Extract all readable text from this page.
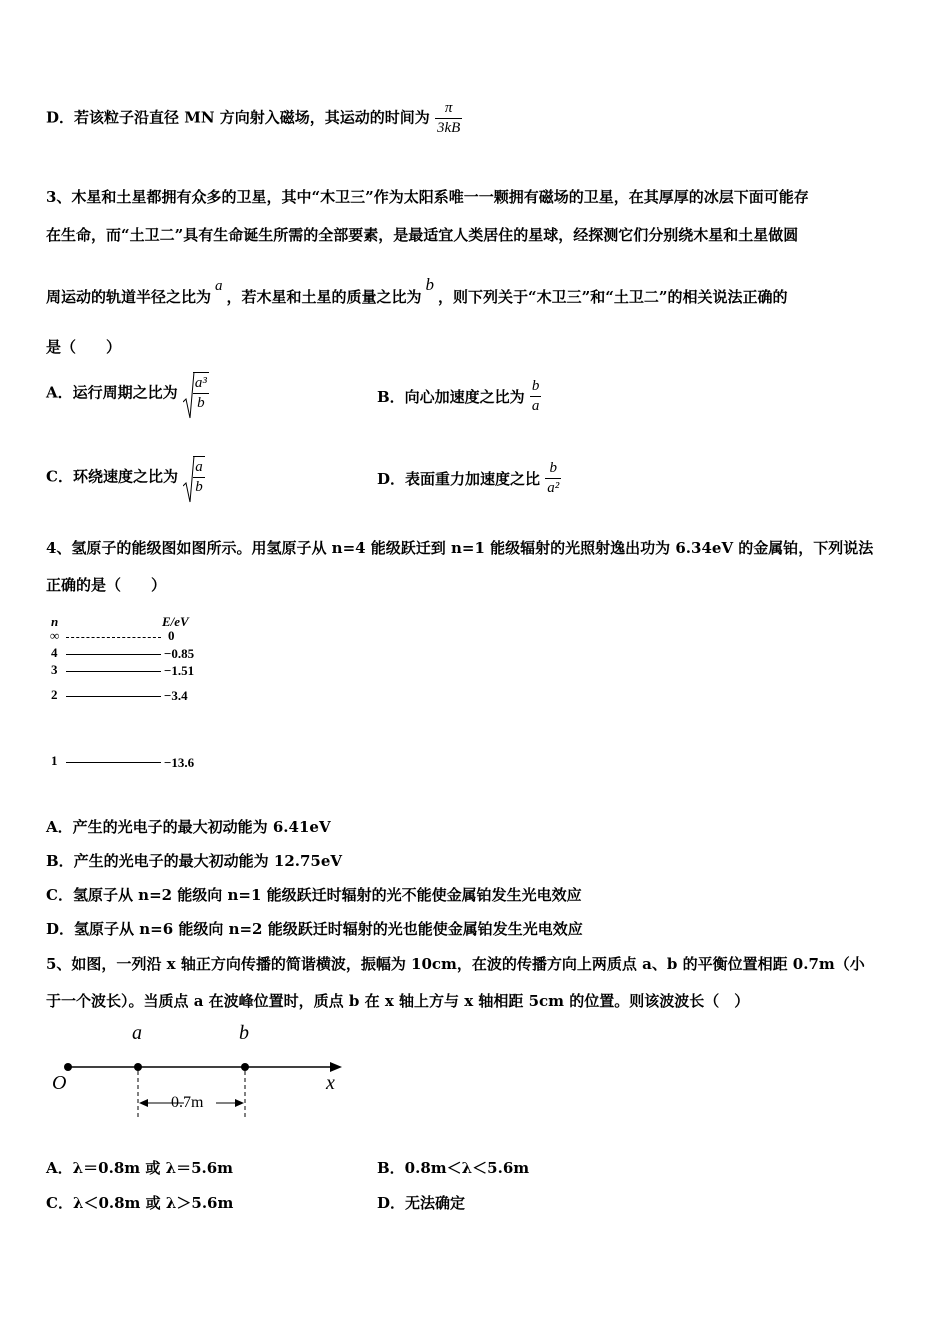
D．若该粒子沿直径 MN 方向射入磁场，其运动的时间为 $\frac{\pi}{3kB}$
3、木星和土星都拥有众多的卫星，其中“木卫三”作为太阳系唯一一颗拥有磁场的卫星，在其厚厚的冰层下面可能存
在生命，而“土卫二”具有生命诞生所需的全部要素，是最适宜人类居住的星球，经探测它们分别绕木星和土星做圆
周运动的轨道半径之比为a，若木星和土星的质量之比为b，则下列关于“木卫三”和“土卫二”的相关说法正确的
是（　　）
A．运行周期之比为 $\frac{\text{a³}}{b}$	B．向心加速度之比为 $\frac{b}{a}$
C．环绕速度之比为 $\frac{a}{b}$	D．表面重力加速度之比 $\frac{b}{\text{a²}}$
4、氢原子的能级图如图所示。用氢原子从 n=4 能级跃迁到 n=1 能级辐射的光照射逸出功为 6.34eV 的金属铂，下列说法
正确的是（　　）
n	E/eV
∞	0
4	−0.85
3	−1.51
2	−3.4
1	−13.6
A．产生的光电子的最大初动能为 6.41eV
B．产生的光电子的最大初动能为 12.75eV
C．氢原子从 n=2 能级向 n=1 能级跃迁时辐射的光不能使金属铂发生光电效应
D．氢原子从 n=6 能级向 n=2 能级跃迁时辐射的光也能使金属铂发生光电效应
5、如图，一列沿 x 轴正方向传播的简谐横波，振幅为 10cm，在波的传播方向上两质点 a、b 的平衡位置相距 0.7m（小
于一个波长）。当质点 a 在波峰位置时，质点 b 在 x 轴上方与 x 轴相距 5cm 的位置。则该波波长（　）
O	x
a	b
0.7m
A．λ＝0.8m 或 λ＝5.6m	B．0.8m＜λ＜5.6m
C．λ＜0.8m 或 λ＞5.6m	D．无法确定
